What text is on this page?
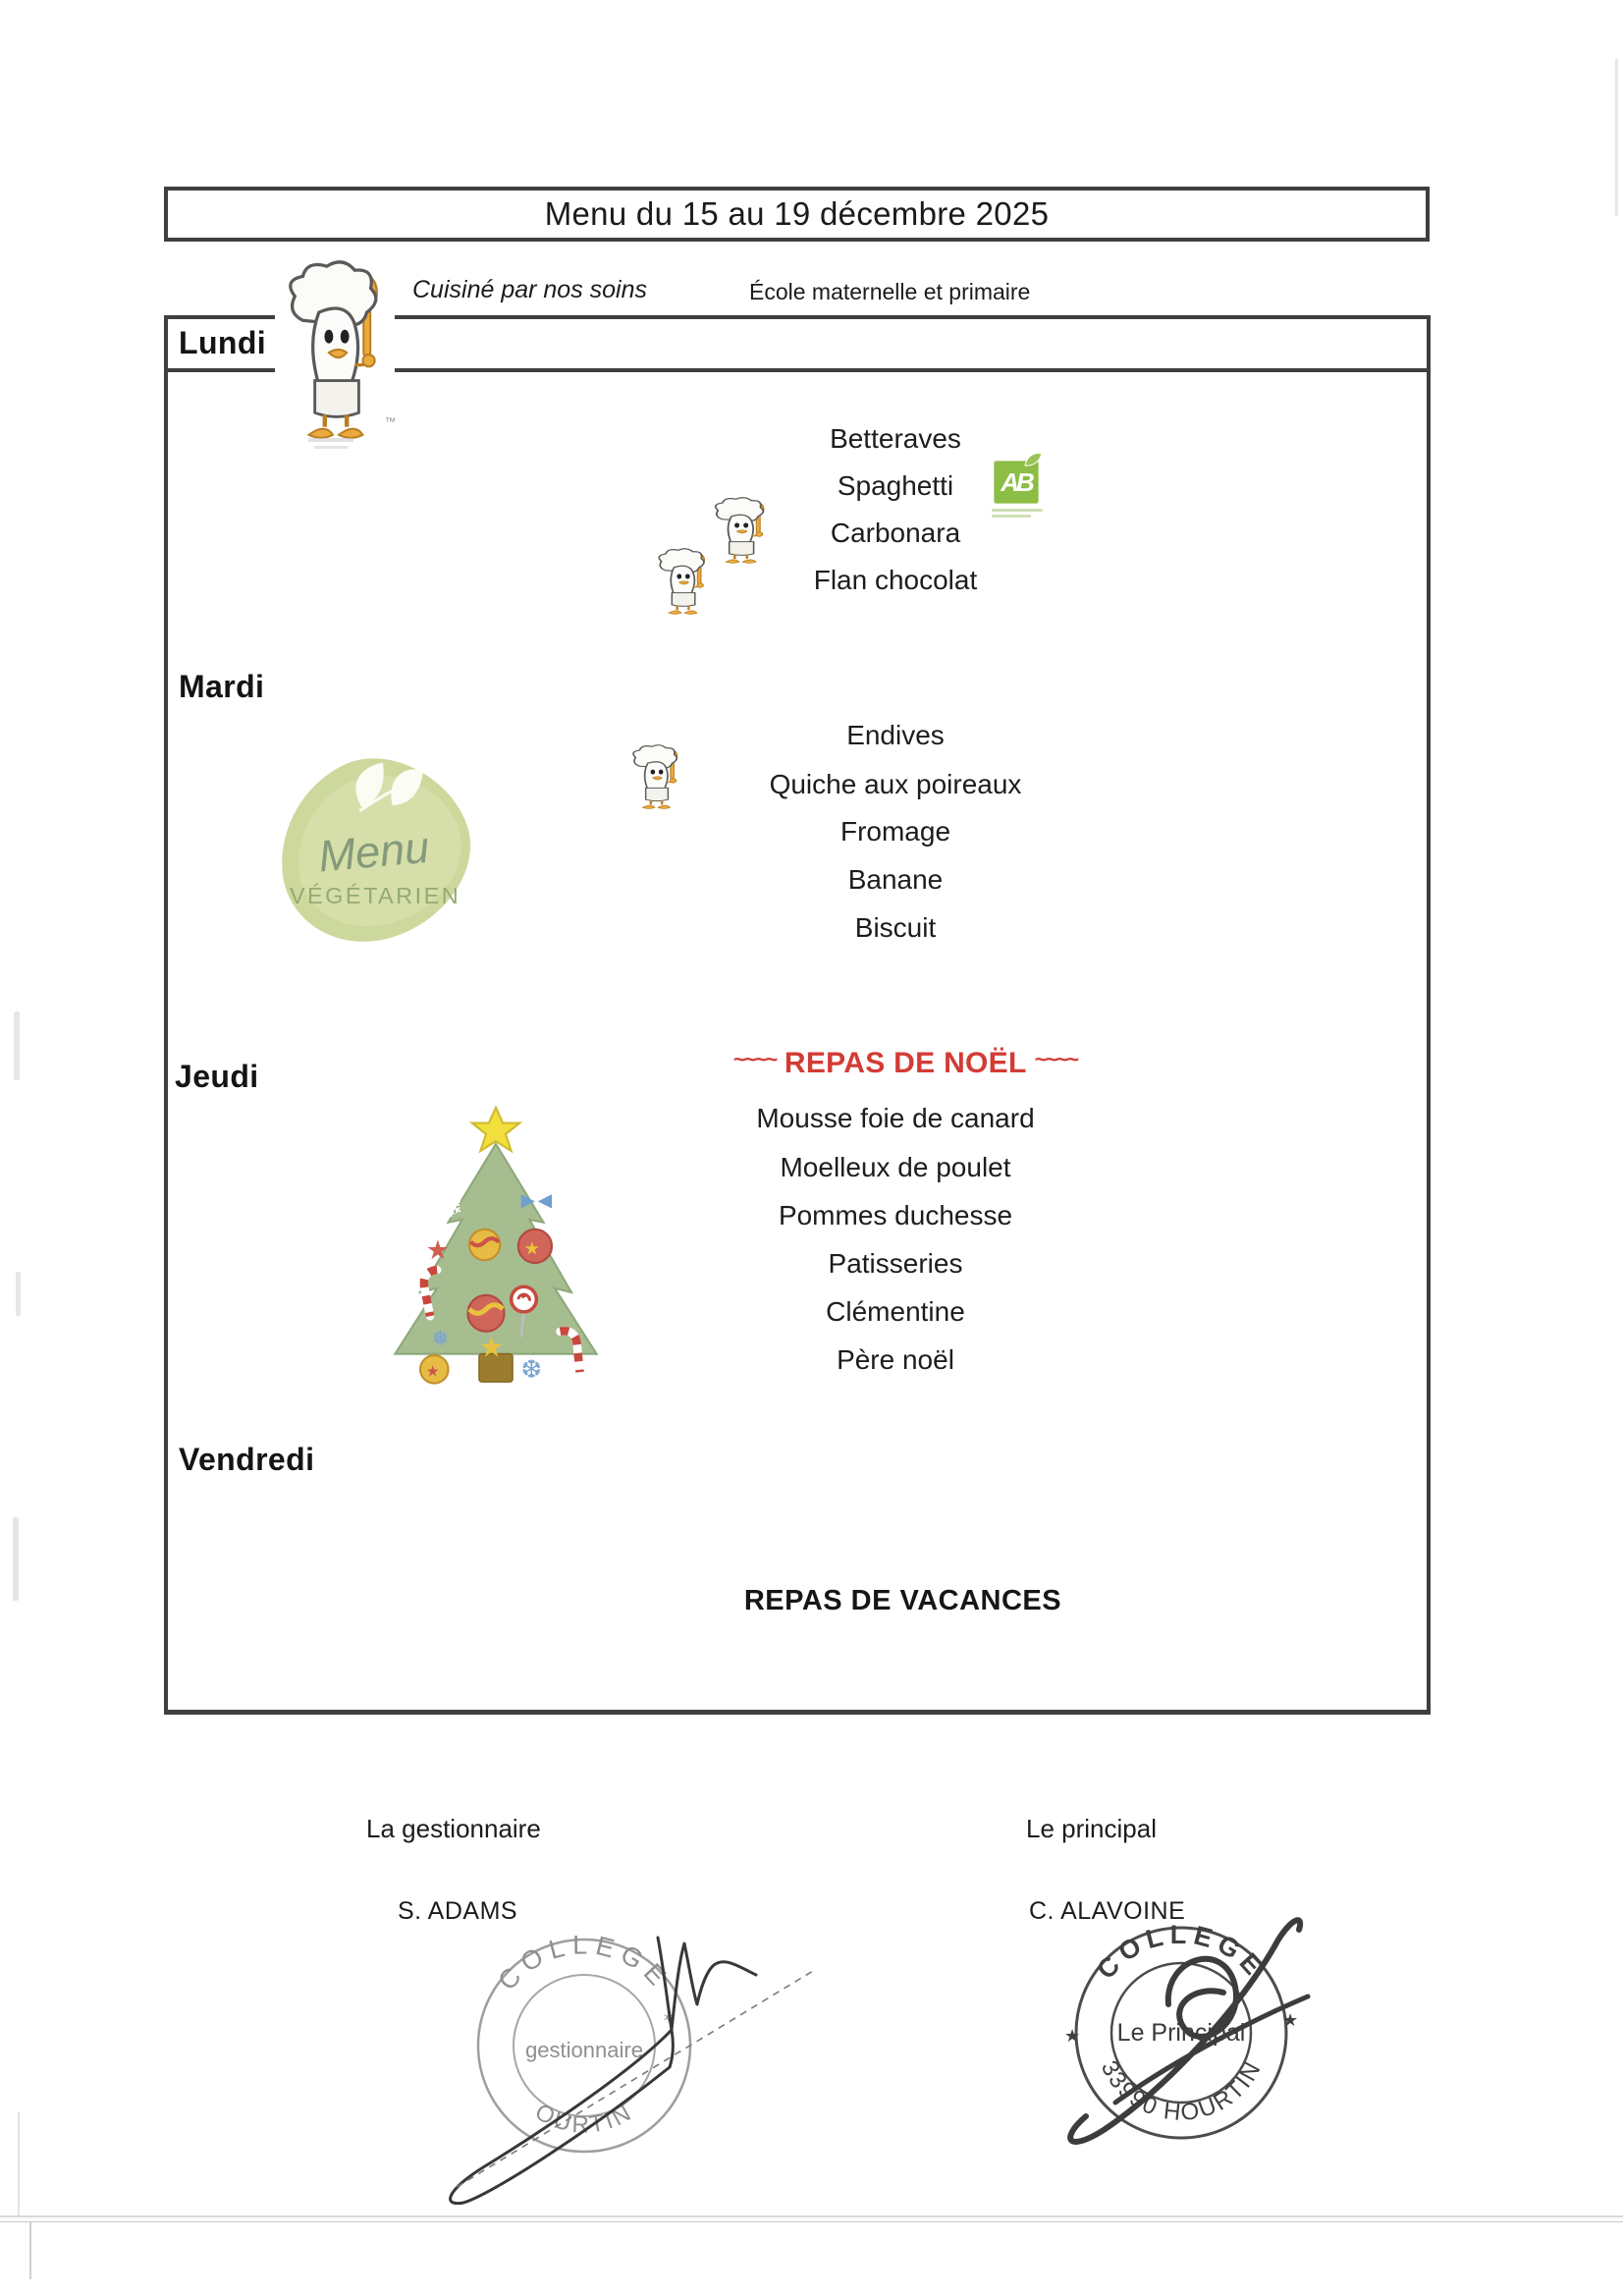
Menu du 15 au 19 décembre 2025
™
Cuisiné par nos soins	École maternelle et primaire
Lundi
Betteraves
Spaghetti
Carbonara
Flan chocolat
AB
Mardi
Endives
Quiche aux poireaux
Fromage
Banane
Biscuit
Menu
VÉGÉTARIEN
Jeudi	~~~~ REPAS DE NOËL ~~~~
Mousse foie de canard
Moelleux de poulet
Pommes duchesse
Patisseries
Clémentine
Père noël
❄
★	★
❅ ★
★	❆
Vendredi
REPAS DE VACANCES
La gestionnaire	Le principal
S. ADAMS	C. ALAVOINE
COLLEGE
gestionnaire
OURTIN
✶
COLLEGE
Le Principal
33990 HOURTIN
★
★
